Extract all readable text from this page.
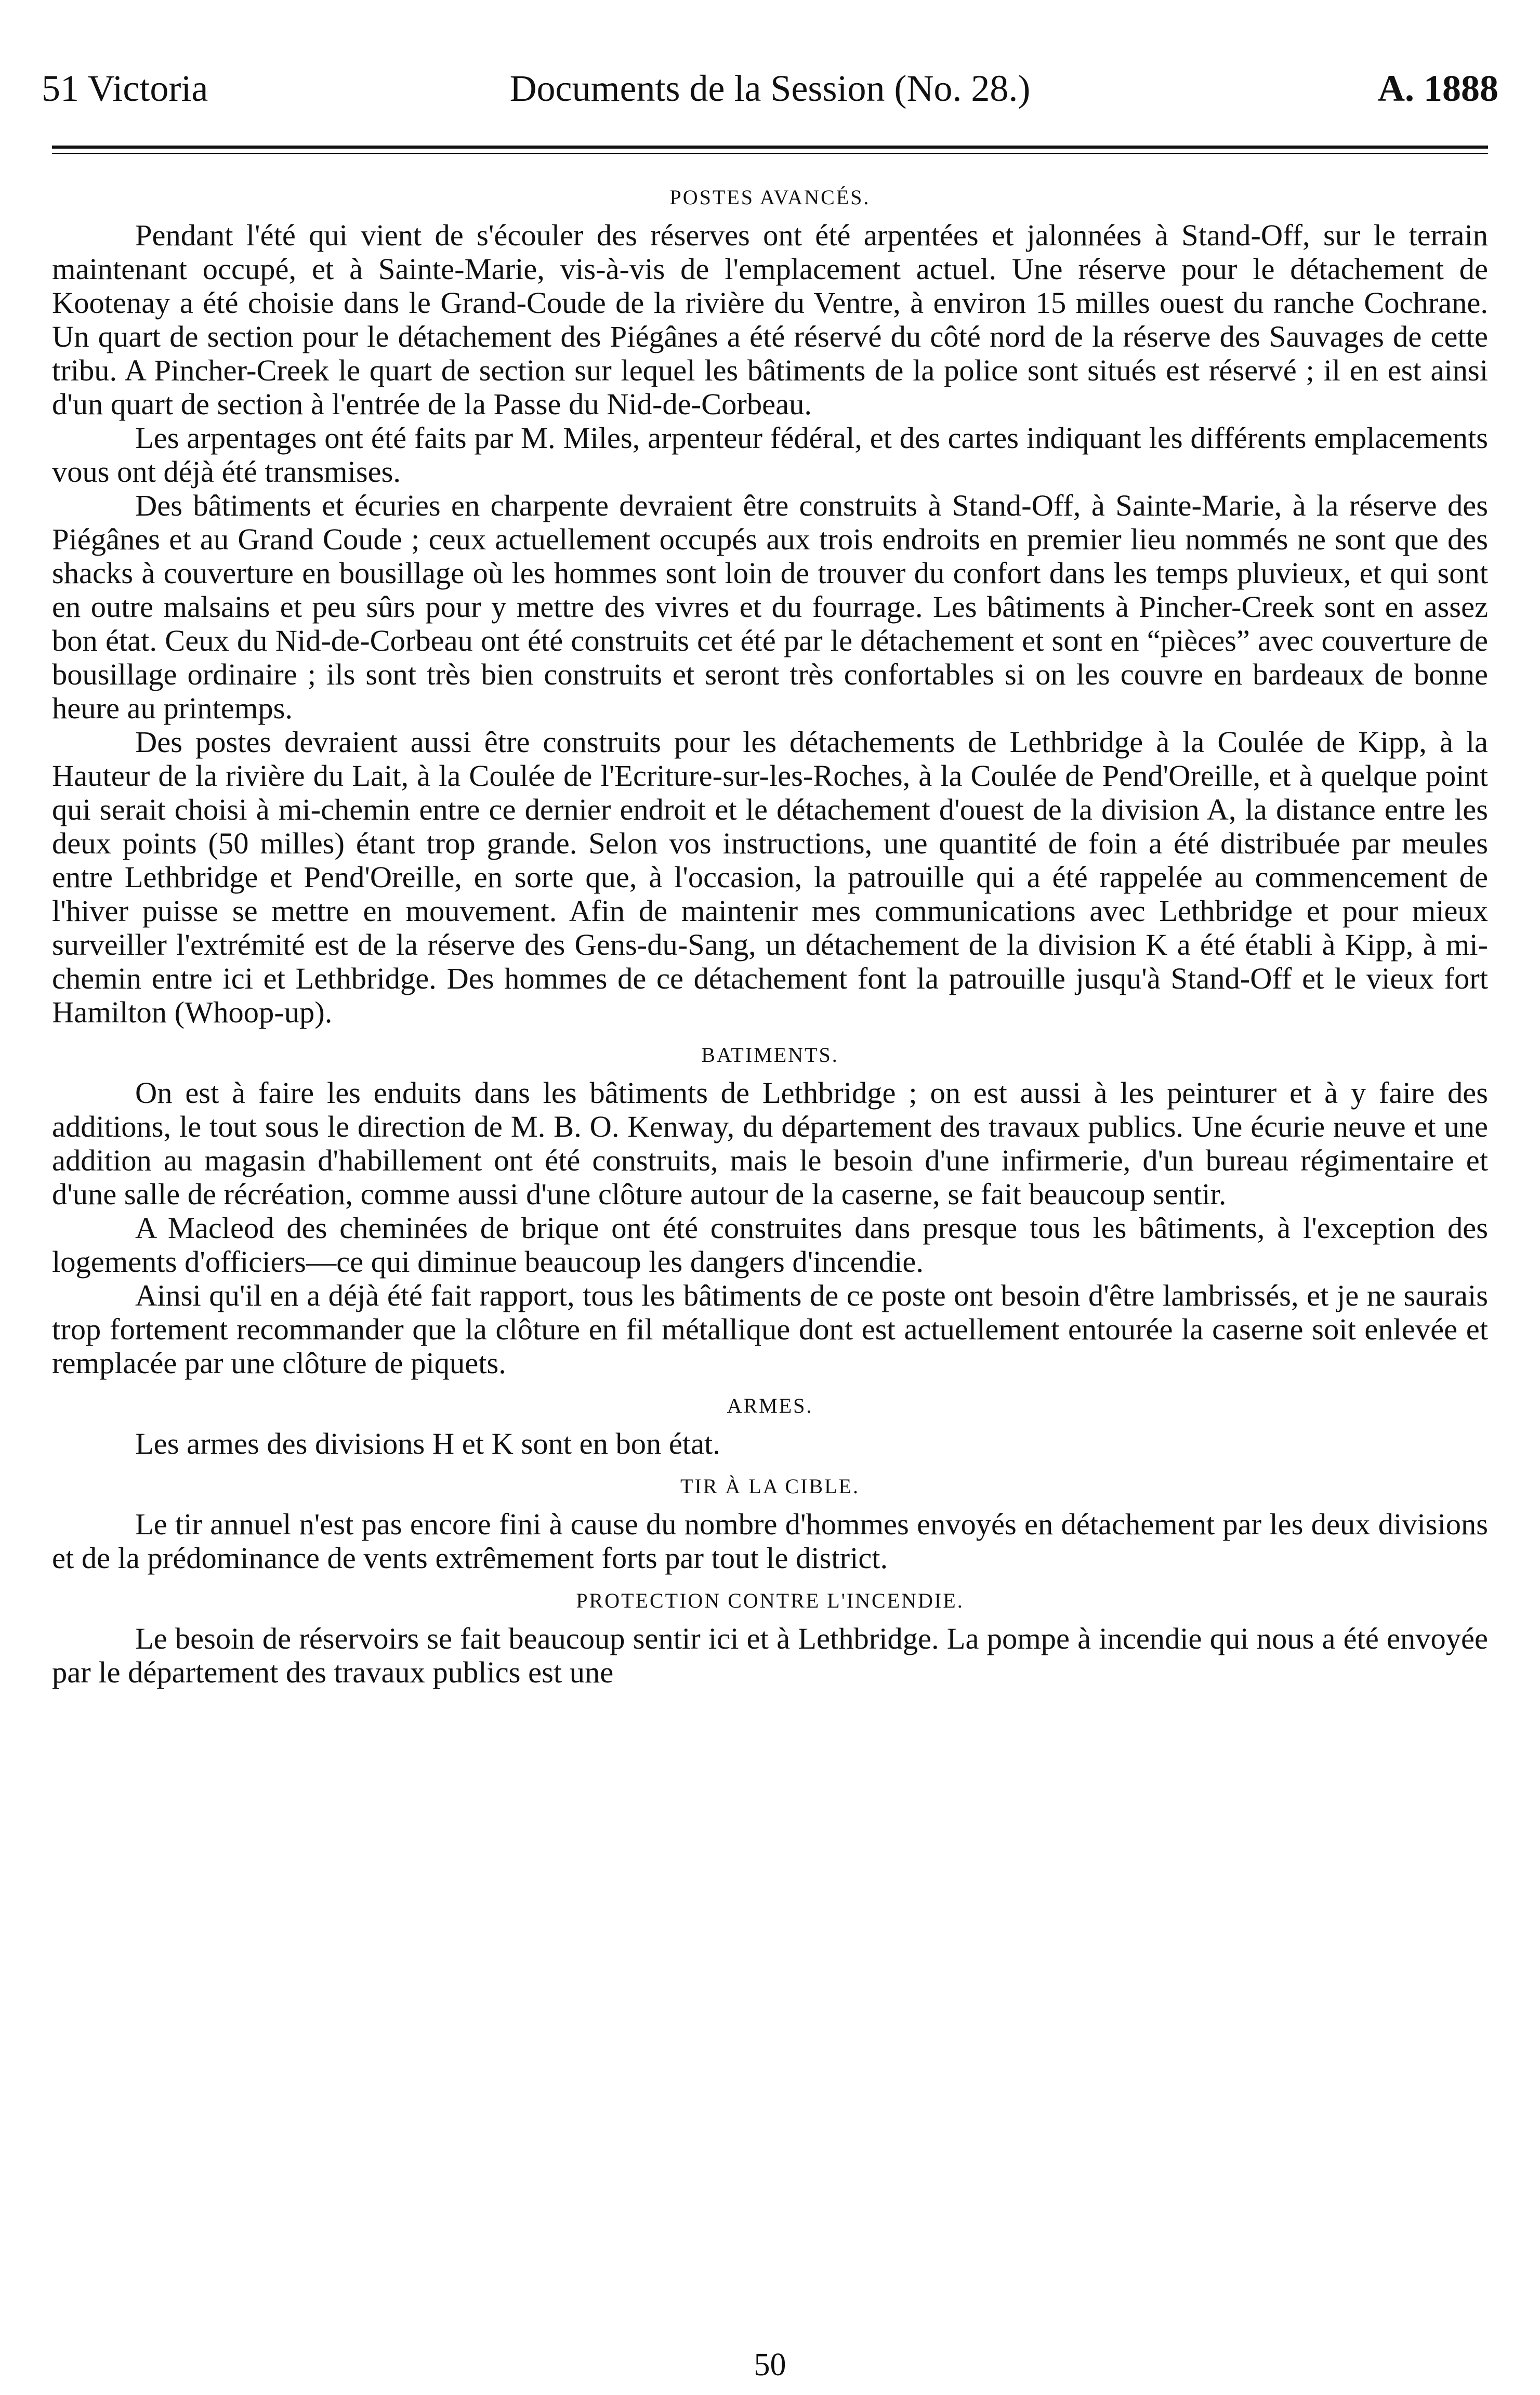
51 Victoria	Documents de la Session (No. 28.)	A. 1888
POSTES AVANCÉS.

Pendant l'été qui vient de s'écouler des réserves ont été arpentées et jalonnées à Stand-Off, sur le terrain maintenant occupé, et à Sainte-Marie, vis-à-vis de l'emplacement actuel. Une réserve pour le détachement de Kootenay a été choisie dans le Grand-Coude de la rivière du Ventre, à environ 15 milles ouest du ranche Cochrane. Un quart de section pour le détachement des Piégânes a été réservé du côté nord de la réserve des Sauvages de cette tribu. A Pincher-Creek le quart de section sur lequel les bâtiments de la police sont situés est réservé ; il en est ainsi d'un quart de section à l'entrée de la Passe du Nid-de-Corbeau.

Les arpentages ont été faits par M. Miles, arpenteur fédéral, et des cartes indiquant les différents emplacements vous ont déjà été transmises.

Des bâtiments et écuries en charpente devraient être construits à Stand-Off, à Sainte-Marie, à la réserve des Piégânes et au Grand Coude ; ceux actuellement occupés aux trois endroits en premier lieu nommés ne sont que des shacks à couverture en bousillage où les hommes sont loin de trouver du confort dans les temps pluvieux, et qui sont en outre malsains et peu sûrs pour y mettre des vivres et du fourrage. Les bâtiments à Pincher-Creek sont en assez bon état. Ceux du Nid-de-Corbeau ont été construits cet été par le détachement et sont en “pièces” avec couverture de bousillage ordinaire ; ils sont très bien construits et seront très confortables si on les couvre en bardeaux de bonne heure au printemps.

Des postes devraient aussi être construits pour les détachements de Lethbridge à la Coulée de Kipp, à la Hauteur de la rivière du Lait, à la Coulée de l'Ecriture-sur-les-Roches, à la Coulée de Pend'Oreille, et à quelque point qui serait choisi à mi-chemin entre ce dernier endroit et le détachement d'ouest de la division A, la distance entre les deux points (50 milles) étant trop grande. Selon vos instructions, une quantité de foin a été distribuée par meules entre Lethbridge et Pend'Oreille, en sorte que, à l'occasion, la patrouille qui a été rappelée au commencement de l'hiver puisse se mettre en mouvement. Afin de maintenir mes communications avec Lethbridge et pour mieux surveiller l'extrémité est de la réserve des Gens-du-Sang, un détachement de la division K a été établi à Kipp, à mi-chemin entre ici et Lethbridge. Des hommes de ce détachement font la patrouille jusqu'à Stand-Off et le vieux fort Hamilton (Whoop-up).

BATIMENTS.

On est à faire les enduits dans les bâtiments de Lethbridge ; on est aussi à les peinturer et à y faire des additions, le tout sous le direction de M. B. O. Kenway, du département des travaux publics. Une écurie neuve et une addition au magasin d'habillement ont été construits, mais le besoin d'une infirmerie, d'un bureau régimentaire et d'une salle de récréation, comme aussi d'une clôture autour de la caserne, se fait beaucoup sentir.

A Macleod des cheminées de brique ont été construites dans presque tous les bâtiments, à l'exception des logements d'officiers—ce qui diminue beaucoup les dangers d'incendie.

Ainsi qu'il en a déjà été fait rapport, tous les bâtiments de ce poste ont besoin d'être lambrissés, et je ne saurais trop fortement recommander que la clôture en fil métallique dont est actuellement entourée la caserne soit enlevée et remplacée par une clôture de piquets.

ARMES.

Les armes des divisions H et K sont en bon état.

TIR À LA CIBLE.

Le tir annuel n'est pas encore fini à cause du nombre d'hommes envoyés en détachement par les deux divisions et de la prédominance de vents extrêmement forts par tout le district.

PROTECTION CONTRE L'INCENDIE.

Le besoin de réservoirs se fait beaucoup sentir ici et à Lethbridge. La pompe à incendie qui nous a été envoyée par le département des travaux publics est une

50
